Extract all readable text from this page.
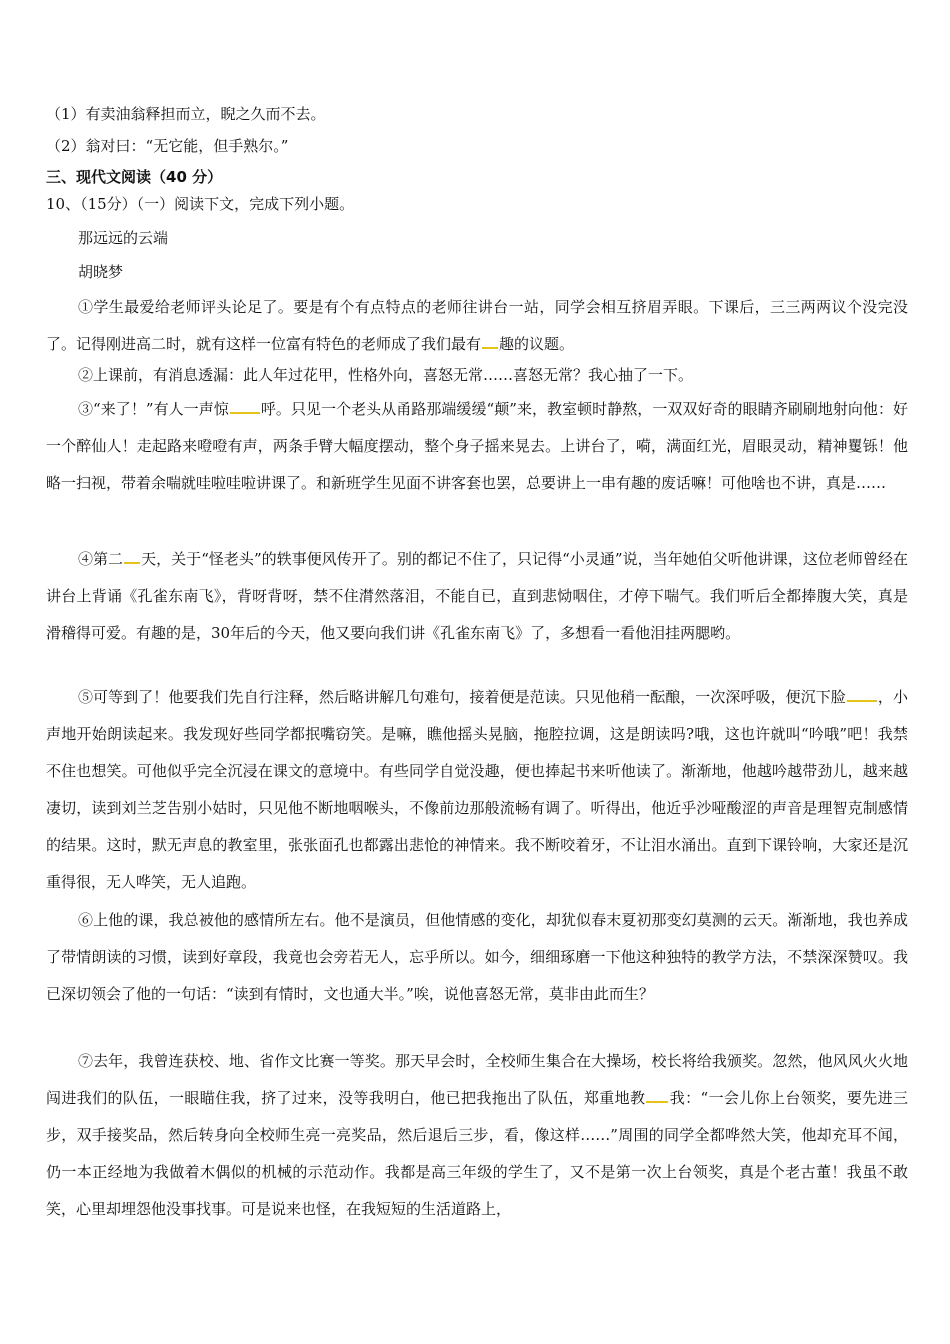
（1）有卖油翁释担而立，睨之久而不去。
（2）翁对曰：“无它能，但手熟尔。”
三、现代文阅读（40 分）
10、（15分）（一）阅读下文，完成下列小题。
那远远的云端
胡晓梦
①学生最爱给老师评头论足了。要是有个有点特点的老师往讲台一站，同学会相互挤眉弄眼。下课后，三三两两议个没完没了。记得刚进高二时，就有这样一位富有特色的老师成了我们最有 趣的议题。
②上课前，有消息透漏：此人年过花甲，性格外向，喜怒无常……喜怒无常？我心抽了一下。
③“来了！”有人一声惊 呼。只见一个老头从甬路那端缓缓“颠”来，教室顿时静熬，一双双好奇的眼睛齐刷刷地射向他：好一个醉仙人！走起路来噔噔有声，两条手臂大幅度摆动，整个身子摇来晃去。上讲台了，嗬，满面红光，眉眼灵动，精神矍铄！他略一扫视，带着余喘就哇啦哇啦讲课了。和新班学生见面不讲客套也罢，总要讲上一串有趣的废话嘛！可他啥也不讲，真是……
④第二 天，关于“怪老头”的轶事便风传开了。别的都记不住了，只记得“小灵通”说，当年她伯父听他讲课，这位老师曾经在讲台上背诵《孔雀东南飞》，背呀背呀，禁不住潸然落泪，不能自已，直到悲恸咽住，才停下喘气。我们听后全都捧腹大笑，真是滑稽得可爱。有趣的是，30年后的今天，他又要向我们讲《孔雀东南飞》了，多想看一看他泪挂两腮哟。
⑤可等到了！他要我们先自行注释，然后略讲解几句难句，接着便是范读。只见他稍一酝酿，一次深呼吸，便沉下脸 ，小声地开始朗读起来。我发现好些同学都抿嘴窃笑。是嘛，瞧他摇头晃脑，拖腔拉调，这是朗读吗?哦，这也许就叫“吟哦”吧！我禁不住也想笑。可他似乎完全沉浸在课文的意境中。有些同学自觉没趣，便也捧起书来听他读了。渐渐地，他越吟越带劲儿，越来越凄切，读到刘兰芝告别小姑时，只见他不断地咽喉头，不像前边那般流畅有调了。听得出，他近乎沙哑酸涩的声音是理智克制感情的结果。这时，默无声息的教室里，张张面孔也都露出悲怆的神情来。我不断咬着牙，不让泪水涌出。直到下课铃响，大家还是沉重得很，无人哗笑，无人追跑。
⑥上他的课，我总被他的感情所左右。他不是演员，但他情感的变化，却犹似春末夏初那变幻莫测的云天。渐渐地，我也养成了带情朗读的习惯，读到好章段，我竟也会旁若无人，忘乎所以。如今，细细琢磨一下他这种独特的教学方法，不禁深深赞叹。我已深切领会了他的一句话：“读到有情时，文也通大半。”唉，说他喜怒无常，莫非由此而生？
⑦去年，我曾连获校、地、省作文比赛一等奖。那天早会时，全校师生集合在大操场，校长将给我颁奖。忽然，他风风火火地闯进我们的队伍，一眼瞄住我，挤了过来，没等我明白，他已把我拖出了队伍，郑重地教 我：“一会儿你上台领奖，要先进三步，双手接奖品，然后转身向全校师生亮一亮奖品，然后退后三步，看，像这样……”周围的同学全都哗然大笑，他却充耳不闻，仍一本正经地为我做着木偶似的机械的示范动作。我都是高三年级的学生了，又不是第一次上台领奖，真是个老古董！我虽不敢笑，心里却埋怨他没事找事。可是说来也怪，在我短短的生活道路上，
